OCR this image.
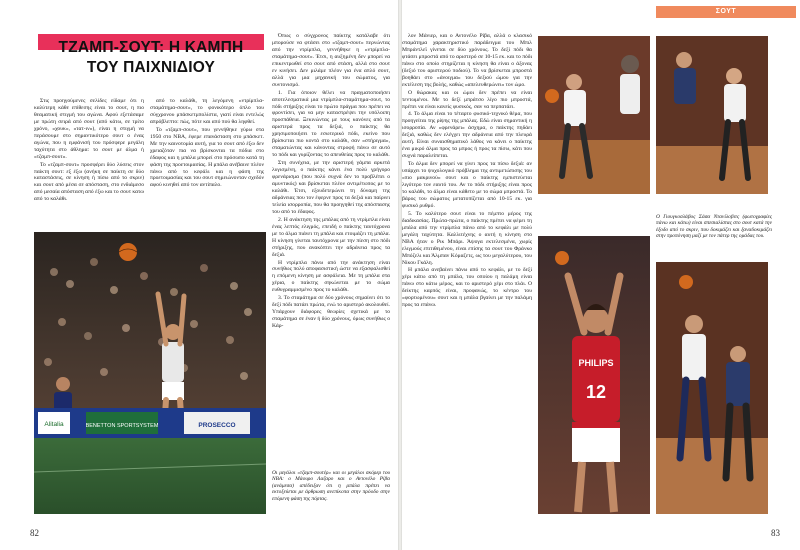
ΤΖΑΜΠ-ΣΟΥΤ: Η ΚΑΜΠΗ
ΤΟΥ ΠΑΙΧΝΙΔΙΟΥ

Στις προηγούμενες σελίδες είδαμε ότι η καλύτερη κάθε επίθεσης είναι το σουτ, η πιο θεαματική στιγμή του αγώνα. Αφού εξετάσαμε με πρώτη σειρά από σουτ (από κάτω, σε τρίτο χρόνο, «χουκ», «τατ-ιν»), είναι η στιγμή να περάσουμε στο σημαντικότερο σουτ ο ένας αγώνα, που η εμφάνισή του πρόσφερε μεγάλη ταχύτητα στο άθλημα: το σουτ με άλμα ή «τζαμπ-σουτ».

Το «τζαμπ-σουτ» προσφέρει δύο λύσεις στον παίκτη σουτ: εξ έξω (ανήκη σε παίκτη σε δύο καταστάσεις, σε κίνηση ή πίσω από το σκριν) και σουτ από μέσα σε απόσταση, στο ενδιάμεσο από μεσαία απόσταση από έξω και το σουτ κατω από το καλάθι.

από το καλάθι, τη λεγόμενη «ντρίμπλα-σταμάτημα-σουτ», το φονικότερο όπλο του σύγχρονου μπάσκετμπολίστα, γιατί είναι εντελώς απρόβλεπτο: πώς, πότε και από πού θα ληφθεί.

Το «τζαμπ-σουτ», που γεννήθηκε γύρω στα 1950 στο ΝΒΑ, έφερε επανάσταση στο μπάσκετ. Με την καινοτομία αυτή, για το σουτ από έξω δεν χρειαζόταν πια να βρίσκονται τα πόδια στο έδαφος και η μπάλα μπορεί στο πρόσωπο κατά τη φάση της προετοιμασίας. Η μπάλα ανέβαινε πλέον πάνω από το κεφάλι και η φάση της προετοιμασίας και του σουτ σημειώνονταν σχεδόν αφού κινηθεί από τον αντίπαλο.

Alitalia	BENETTON SPORTSYSTEM	PROSECCO
82

Όπως ο σύγχρονος παίκτης κατάλαβε ότι μπορούσε να φτάσει στο «τζαμπ-σουτ» περνώντας από την ντρίμπλα, γεννήθηκε η «ντρίμπλα-σταμάτημα-σουτ». Έτσι, η αυξημένη δεν μπορεί να επικεντρωθεί στο σουτ από στάση, αλλά στο σουτ εν κινήσει. Δεν μιλάμε πλέον για ένα απλό σουτ, αλλά για μια μηχανική του σώματος, για συντονισμό.

1. Για όποιον θέλει να πραγματοποιήσει αποτελεσματικά μια ντρίμπλα-σταμάτημα-σουτ, το πόδι στήριξης είναι το πρώτο πράγμα που πρέπει να φροντίσει, για να μην καταστρέψει την υπόλοιπη προσπάθεια. Ξεκινώντας με τους κανόνες από τα αριστερά προς τα δεξιά, ο παίκτης θα χρησιμοποιήσει το εσωτερικό πόδι, εκείνο που βρίσκεται πιο κοντά στο καλάθι, σαν «στήριγμα», σταματώντας και κάνοντας στροφή πάνω σε αυτό το πόδι και γυρίζοντας το απευθείας προς το καλάθι.

Στη συνέχεια, με την αριστερή γάμπα αρκετά λυγισμένη, ο παίκτης κάνει ένα πολύ γρήγορο φρενάρισμα (που πολύ συχνά δεν το προβλέπει ο αμυντικός) και βρίσκεται πλέον αντιμέτωπος με το καλάθι. Έτσι, εξουδετερώνει τη δύναμη της αδράνειας που τον έφερνε προς τα δεξιά και παίρνει τελεία ισορροπία, που θα προηγηθεί της απόσπασης του από το έδαφος.

2. Η ανάκτηση της μπάλας από τη ντρίμπλα είναι ένας λεπτός ελιγμός, επειδή ο παίκτης ταυτόχρονα με το άλμα πιάνει τη μπάλα και ετοιμάζει τη μπάλα. Η κίνηση γίνεται ταυτόχρονα με την πίεση στο πόδι στήριξης, που ανακόπτει την αδράνεια προς τα δεξιά.

Η ντρίμπλα πάνω από την ανάκτηση είναι συνήθως πολύ αποφασιστική ώστε να εξασφαλισθεί η επόμενη κίνηση με ασφάλεια. Με τη μπάλα στα χέρια, ο παίκτης σηκώνεται με το σώμα ευθυγραμμισμένο προς το καλάθι.

3. Το σταμάτημα σε δύο χρόνους σημαίνει ότι το δεξί πόδι πατάει πρώτα, ενώ το αριστερό ακολουθεί. Υπάρχουν διάφορες θεωρίες σχετικά με το σταμάτημα σε έναν ή δύο χρόνους, όμως συνήθως ο Κάρ-

Οι μεγάλοι «τζαμπ-σουτέρ» και οι μεγάλοι σκόρερ του ΝΒΑ: ο Μάουρο Λαζαρο και ο Αντονέλο Ρίβα (ανάμεσα) απέδειξαν ότι η μπάλα πρέπει να εκτοξεύεται με άρθρωση ανεπίκοπα στην πρόοδο στην επόμενη φάση της πόρτας.
ΣΟΥΤ

λον Μάνιερ, και ο Αντονέλο Ρίβα, αλλά ο κλασικό σταμάτημα χαρακτηριστικό παράδειγμα του Μπιλ Μπράντλεϊ γίνεται σε δύο χρόνους. Το δεξί πόδι θα φτάσει μπροστά από το αριστερό σε 10-15 εκ. και το πόδι πάνω στο οποίο στηρίζεται η κίνηση θα είναι ο άξονας (δεξιό του αριστερού ποδιού). Το να βρίσκεται μπροστά βοηθάει στο «άνοιγμα» του δεξιού ώμου για την εκτέλεση της βολής, καθώς «απελευθερώνει» τον ώμο.

Ο θώρακας και οι ώμοι δεν πρέπει να είναι τεντωμένοι. Με το δεξί μπράτσο λίγο πιο μπροστά, πρέπει να είναι κανείς φυσικός, σαν να περπατάει.

4. Το άλμα είναι το τέταρτο φυσικό-τεχνικό θέμα, που προηγείται της ρίψης της μπάλας. Εδώ είναι σημαντική η ισορροπία. Αν «φρενάρει» άσχημα, ο παίκτης πηδάει δεξιά, καθώς δεν ελέγχει την αδράνεια από την πλευρά αυτή. Είναι συναισθηματικό λάθος να κάνει ο παίκτης ένα μικρό άλμα προς τα μπρος ή προς τα πίσω, κάτι που συχνά παραλείπεται.

Το άλμα δεν μπορεί να γίνει προς τα πίσω δεξιά: αν υπάρχει το ψυχολογικό πρόβλημα της αντιμετώπισης του «πιο μακρινού» σουτ και ο παίκτης εμπιστεύεται λιγότερο τον εαυτό του. Αν το πόδι στήριξης είναι προς το καλάθι, το άλμα είναι κάθετο με το σώμα μπροστά. Το βάρος του σώματος μετατοπίζεται από 10-15 εκ. για φυσικό ρυθμό.

5. Το καλύτερο σουτ είναι το πέμπτο μέρος της διαδικασίας. Πρώτα-πρώτα, ο παίκτης πρέπει να φέρει τη μπάλα από την ντρίμπλα πάνω από το κεφάλι με πολύ μεγάλη ταχύτητα. Καλλιτέχνης ο αυτή η κίνηση στο ΝΒΑ ήταν ο Ρικ Μπάρι. Άψογα εκτελεσμένα, χωρίς ελιγμούς επιτιθεμένου, είναι επίσης τα σουτ του Φράνκο Μπόζελι και Άλμπαν Κόμαζετς, ως του μεγαλύτερου, του Νίκου Γκάλη.

Η μπάλα ανεβαίνει πάνω από το κεφάλι, με το δεξί χέρι κάτω από τη μπάλα, του οποίου η παλάμη είναι πάνω στο κάτω μέρος, και το αριστερό χέρι στο πλάι. Ο δείκτης καρπός είναι, προφανώς, το κέντρο του «φορτωμένου» σουτ και η μπάλα βγαίνει με την παλάμη προς τα επάνω.

Ο Γιουγκοσλάβος Σάσα Ντανίλοβιτς (φωτογραφίες πάνω και κάτω) είναι σπεσιαλίστας στο σουτ κατά την έξοδο από το σκριν, που δοκιμάζει και ξαναδοκιμάζει στην προπόνηση μαζί με τον πάτερ της ομάδας του.
PHILIPS
12
83
